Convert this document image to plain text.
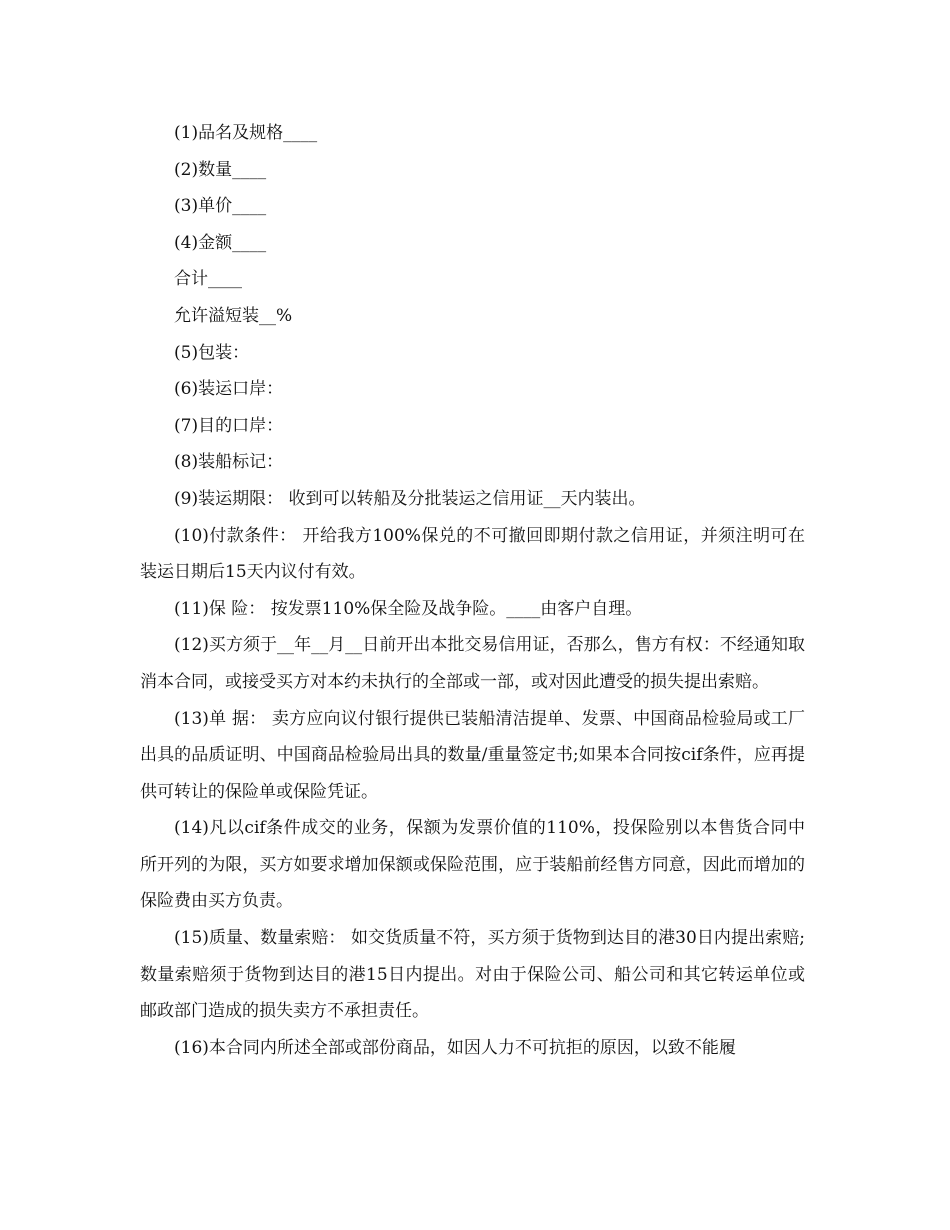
(1)品名及规格____

(2)数量____

(3)单价____

(4)金额____

合计____

允许溢短装__%

(5)包装：

(6)装运口岸：

(7)目的口岸：

(8)装船标记：

(9)装运期限： 收到可以转船及分批装运之信用证__天内装出。

(10)付款条件： 开给我方100%保兑的不可撤回即期付款之信用证，并须注明可在装运日期后15天内议付有效。

(11)保 险： 按发票110%保全险及战争险。____由客户自理。

(12)买方须于__年__月__日前开出本批交易信用证，否那么，售方有权：不经通知取消本合同，或接受买方对本约未执行的全部或一部，或对因此遭受的损失提出索赔。

(13)单 据： 卖方应向议付银行提供已装船清洁提单、发票、中国商品检验局或工厂出具的品质证明、中国商品检验局出具的数量/重量签定书;如果本合同按cif条件，应再提供可转让的保险单或保险凭证。

(14)凡以cif条件成交的业务，保额为发票价值的110%，投保险别以本售货合同中所开列的为限，买方如要求增加保额或保险范围，应于装船前经售方同意，因此而增加的保险费由买方负责。

(15)质量、数量索赔： 如交货质量不符，买方须于货物到达目的港30日内提出索赔;数量索赔须于货物到达目的港15日内提出。对由于保险公司、船公司和其它转运单位或邮政部门造成的损失卖方不承担责任。

(16)本合同内所述全部或部份商品，如因人力不可抗拒的原因，以致不能履
